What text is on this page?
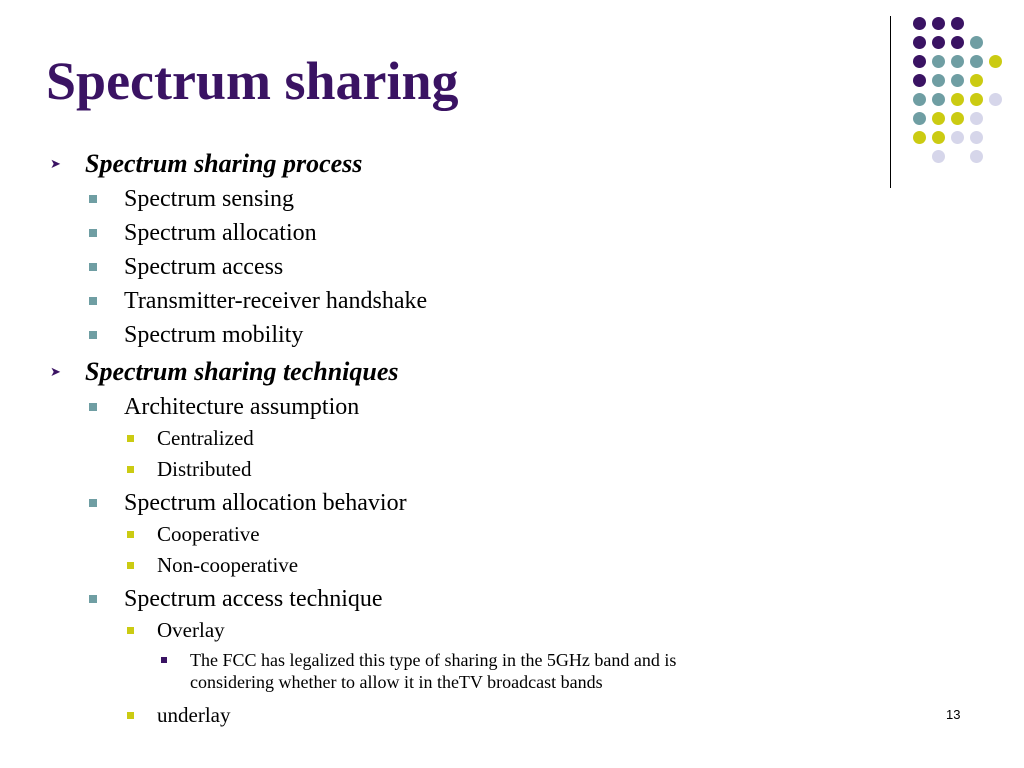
Spectrum sharing
➤ Spectrum sharing process
Spectrum sensing
Spectrum allocation
Spectrum access
Transmitter-receiver handshake
Spectrum mobility
➤ Spectrum sharing techniques
Architecture assumption
Centralized
Distributed
Spectrum allocation behavior
Cooperative
Non-cooperative
Spectrum access technique
Overlay
The FCC has legalized this type of sharing in the 5GHz band and is
considering whether to allow it in theTV broadcast bands
underlay	13
